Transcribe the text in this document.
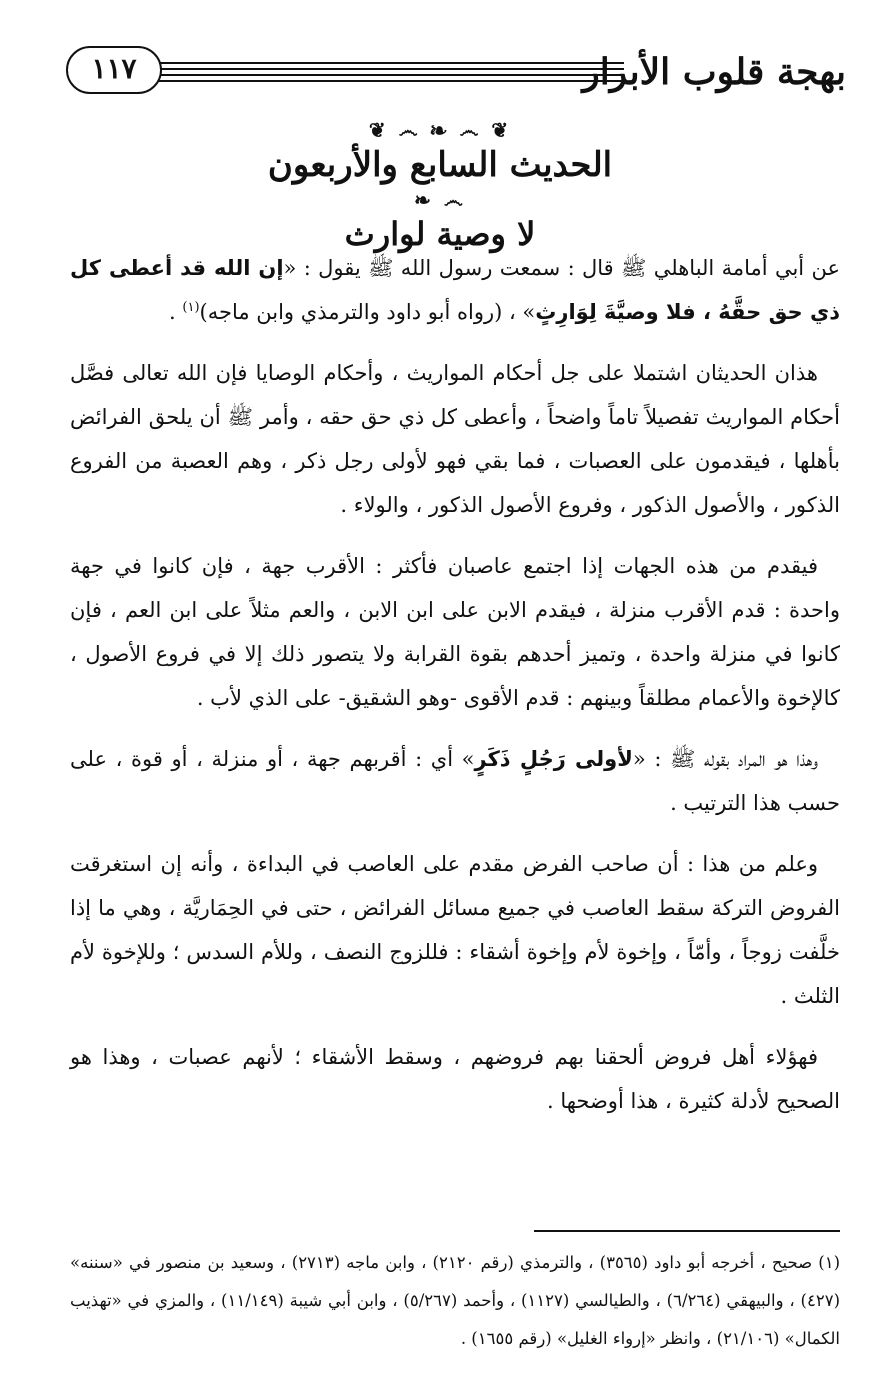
بهجة قلوب الأبرار
١١٧
❦ ෴ ❧ ෴ ❦
الحديث السابع والأربعون
෴ ❧
لا وصية لوارث

عن أبي أمامة الباهلي ﷺ قال : سمعت رسول الله ﷺ يقول : «إن الله قد أعطى كل ذي حق حقَّهُ ، فلا وصيَّةَ لِوَارِثٍ» ، (رواه أبو داود والترمذي وابن ماجه)$^{(١)}$ .

هذان الحديثان اشتملا على جل أحكام المواريث ، وأحكام الوصايا فإن الله تعالى فصَّل أحكام المواريث تفصيلاً تاماً واضحاً ، وأعطى كل ذي حق حقه ، وأمر ﷺ أن يلحق الفرائض بأهلها ، فيقدمون على العصبات ، فما بقي فهو لأولى رجل ذكر ، وهم العصبة من الفروع الذكور ، والأصول الذكور ، وفروع الأصول الذكور ، والولاء .

فيقدم من هذه الجهات إذا اجتمع عاصبان فأكثر : الأقرب جهة ، فإن كانوا في جهة واحدة : قدم الأقرب منزلة ، فيقدم الابن على ابن الابن ، والعم مثلاً على ابن العم ، فإن كانوا في منزلة واحدة ، وتميز أحدهم بقوة القرابة ولا يتصور ذلك إلا في فروع الأصول ، كالإخوة والأعمام مطلقاً وبينهم : قدم الأقوى -وهو الشقيق- على الذي لأب .

وهذا هو المراد بقوله ﷺ : «لأولى رَجُلٍ ذَكَرٍ» أي : أقربهم جهة ، أو منزلة ، أو قوة ، على حسب هذا الترتيب .

وعلم من هذا : أن صاحب الفرض مقدم على العاصب في البداءة ، وأنه إن استغرقت الفروض التركة سقط العاصب في جميع مسائل الفرائض ، حتى في الحِمَاريَّة ، وهي ما إذا خلَّفت زوجاً ، وأمّاً ، وإخوة لأم وإخوة أشقاء : فللزوج النصف ، وللأم السدس ؛ وللإخوة لأم الثلث .

فهؤلاء أهل فروض ألحقنا بهم فروضهم ، وسقط الأشقاء ؛ لأنهم عصبات ، وهذا هو الصحيح لأدلة كثيرة ، هذا أوضحها .

(١) صحيح ، أخرجه أبو داود (٣٥٦٥) ، والترمذي (رقم ٢١٢٠) ، وابن ماجه (٢٧١٣) ، وسعيد بن منصور في «سننه» (٤٢٧) ، والبيهقي (٦/٢٦٤) ، والطيالسي (١١٢٧) ، وأحمد (٥/٢٦٧) ، وابن أبي شيبة (١١/١٤٩) ، والمزي في «تهذيب الكمال» (٢١/١٠٦) ، وانظر «إرواء الغليل» (رقم ١٦٥٥) .
